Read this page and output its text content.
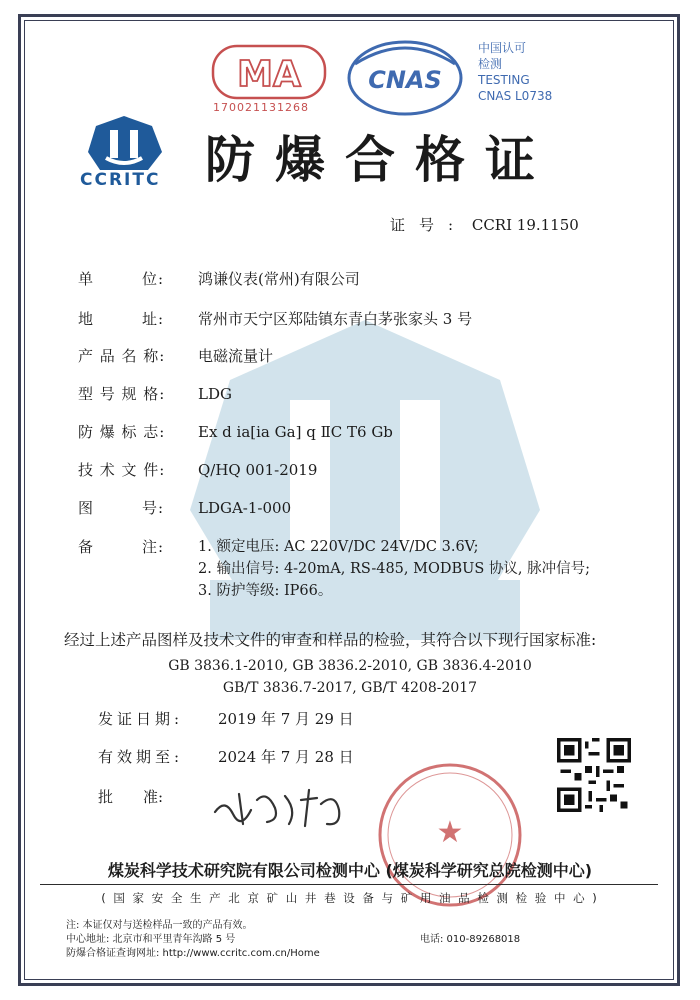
MA
170021131268
CNAS
中国认可
检测
TESTING
CNAS L0738
CCRITC 防爆合格证
证号: CCRI 19.1150
单　　　位: 鸿谦仪表(常州)有限公司
地　　　址: 常州市天宁区郑陆镇东青白茅张家头 3 号
产 品 名 称: 电磁流量计
型 号 规 格: LDG
防 爆 标 志: Ex d ia[ia Ga] q ⅡC T6 Gb
技 术 文 件: Q/HQ 001-2019
图　　　号: LDGA-1-000
备　　　注:	1. 额定电压: AC 220V/DC 24V/DC 3.6V;
2. 输出信号: 4-20mA, RS-485, MODBUS 协议, 脉冲信号;
3. 防护等级: IP66。
经过上述产品图样及技术文件的审查和样品的检验，其符合以下现行国家标准:
GB 3836.1-2010, GB 3836.2-2010, GB 3836.4-2010
GB/T 3836.7-2017, GB/T 4208-2017
发证日期: 2019 年 7 月 29 日
有效期至: 2024 年 7 月 28 日
批　　准:
★
煤炭科学技术研究院有限公司检测中心 (煤炭科学研究总院检测中心)
( 国 家 安 全 生 产 北 京 矿 山 井 巷 设 备 与 矿 用 油 品 检 测 检 验 中 心 )
注: 本证仅对与送检样品一致的产品有效。
中心地址: 北京市和平里青年沟路 5 号
防爆合格证查询网址: http://www.ccritc.com.cn/Home
电话: 010-89268018
